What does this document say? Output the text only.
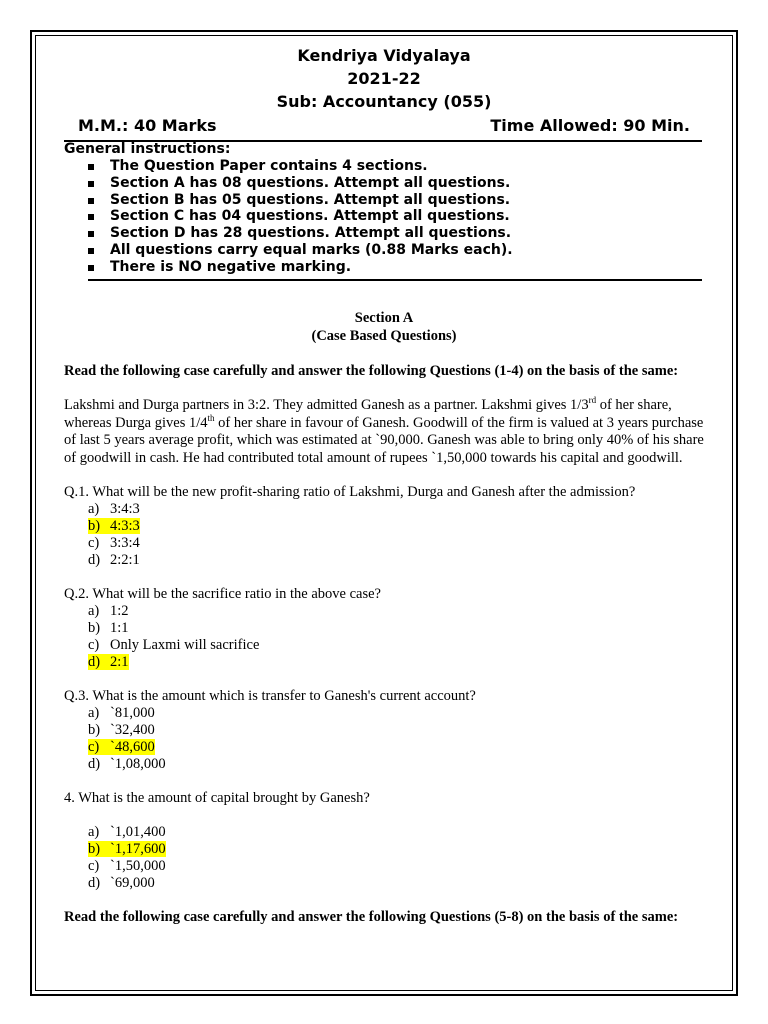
Kendriya Vidyalaya
2021-22
Sub: Accountancy (055)
M.M.: 40 Marks	Time Allowed: 90 Min.
General instructions:
The Question Paper contains 4 sections.
Section A has 08 questions. Attempt all questions.
Section B has 05 questions. Attempt all questions.
Section C has 04 questions. Attempt all questions.
Section D has 28 questions. Attempt all questions.
All questions carry equal marks (0.88 Marks each).
There is NO negative marking.
Section A
(Case Based Questions)
Read the following case carefully and answer the following Questions (1-4) on the basis of the same:
Lakshmi and Durga partners in 3:2. They admitted Ganesh as a partner. Lakshmi gives 1/3rd of her share, whereas Durga gives 1/4th of her share in favour of Ganesh. Goodwill of the firm is valued at 3 years purchase of last 5 years average profit, which was estimated at `90,000. Ganesh was able to bring only 40% of his share of goodwill in cash. He had contributed total amount of rupees `1,50,000 towards his capital and goodwill.
Q.1. What will be the new profit-sharing ratio of Lakshmi, Durga and Ganesh after the admission?
a) 3:4:3
b) 4:3:3
c) 3:3:4
d) 2:2:1
Q.2. What will be the sacrifice ratio in the above case?
a) 1:2
b) 1:1
c) Only Laxmi will sacrifice
d) 2:1
Q.3. What is the amount which is transfer to Ganesh's current account?
a) `81,000
b) `32,400
c) `48,600
d) `1,08,000
4. What is the amount of capital brought by Ganesh?
a) `1,01,400
b) `1,17,600
c) `1,50,000
d) `69,000
Read the following case carefully and answer the following Questions (5-8) on the basis of the same:
